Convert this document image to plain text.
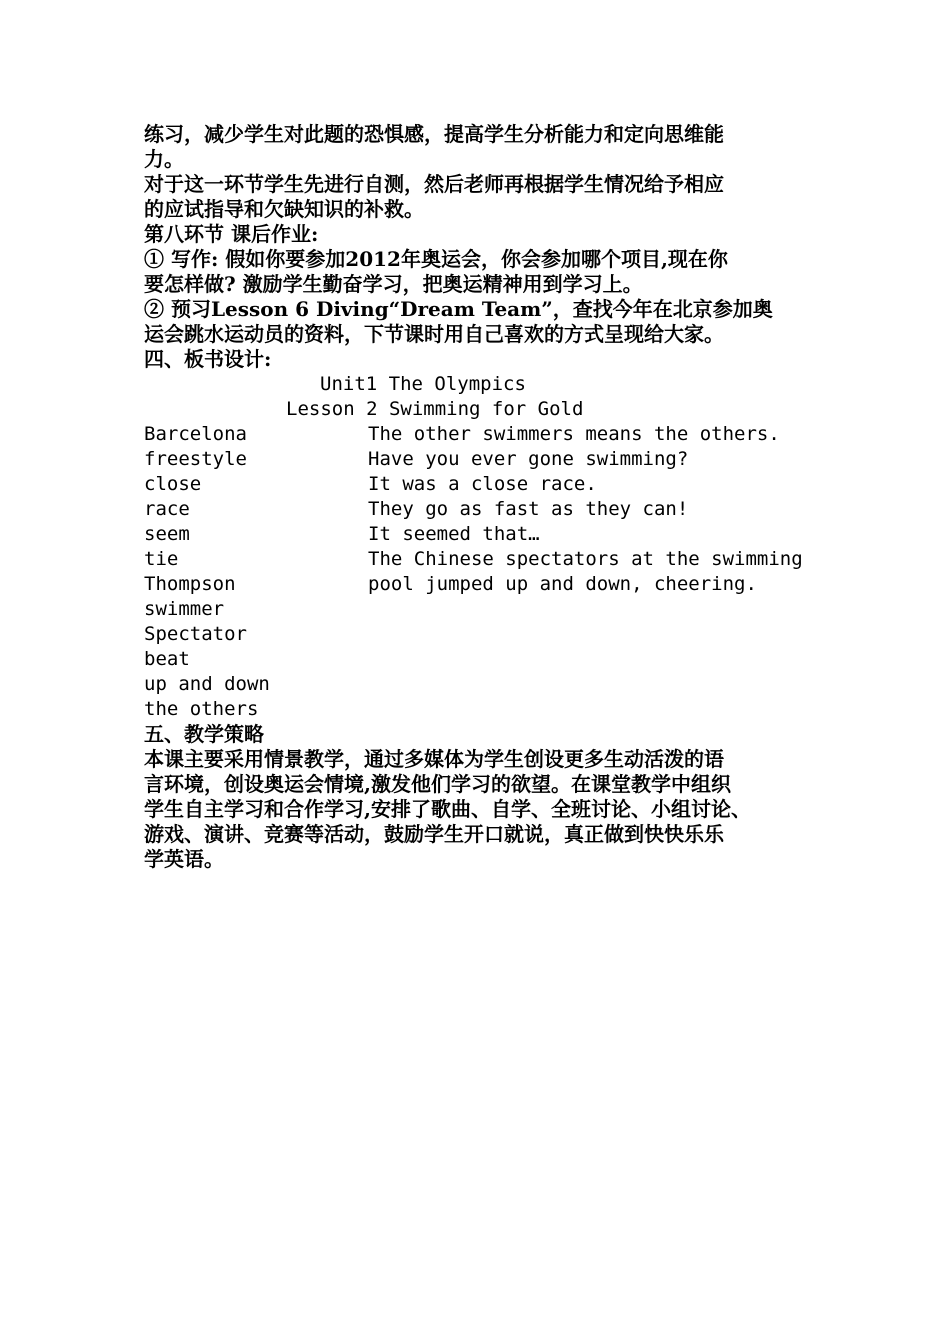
练习，减少学生对此题的恐惧感，提高学生分析能力和定向思维能

力。

对于这一环节学生先进行自测，然后老师再根据学生情况给予相应

的应试指导和欠缺知识的补救。

第八环节 课后作业:

① 写作: 假如你要参加2012年奥运会，你会参加哪个项目,现在你

要怎样做? 激励学生勤奋学习，把奥运精神用到学习上。

② 预习Lesson 6 Diving“Dream Team”，查找今年在北京参加奥

运会跳水运动员的资料，下节课时用自己喜欢的方式呈现给大家。

四、板书设计:

Unit1 The Olympics

Lesson 2 Swimming for Gold

Barcelona
freestyle
close
race
seem
tie
Thompson
swimmer
Spectator
beat
up and down
the others
The other swimmers means the others.
Have you ever gone swimming?
It was a close race.
They go as fast as they can!
It seemed that…
The Chinese spectators at the swimming
pool jumped up and down, cheering.

五、教学策略

本课主要采用情景教学，通过多媒体为学生创设更多生动活泼的语

言环境，创设奥运会情境,激发他们学习的欲望。在课堂教学中组织

学生自主学习和合作学习,安排了歌曲、自学、全班讨论、小组讨论、

游戏、演讲、竞赛等活动，鼓励学生开口就说，真正做到快快乐乐

学英语。
